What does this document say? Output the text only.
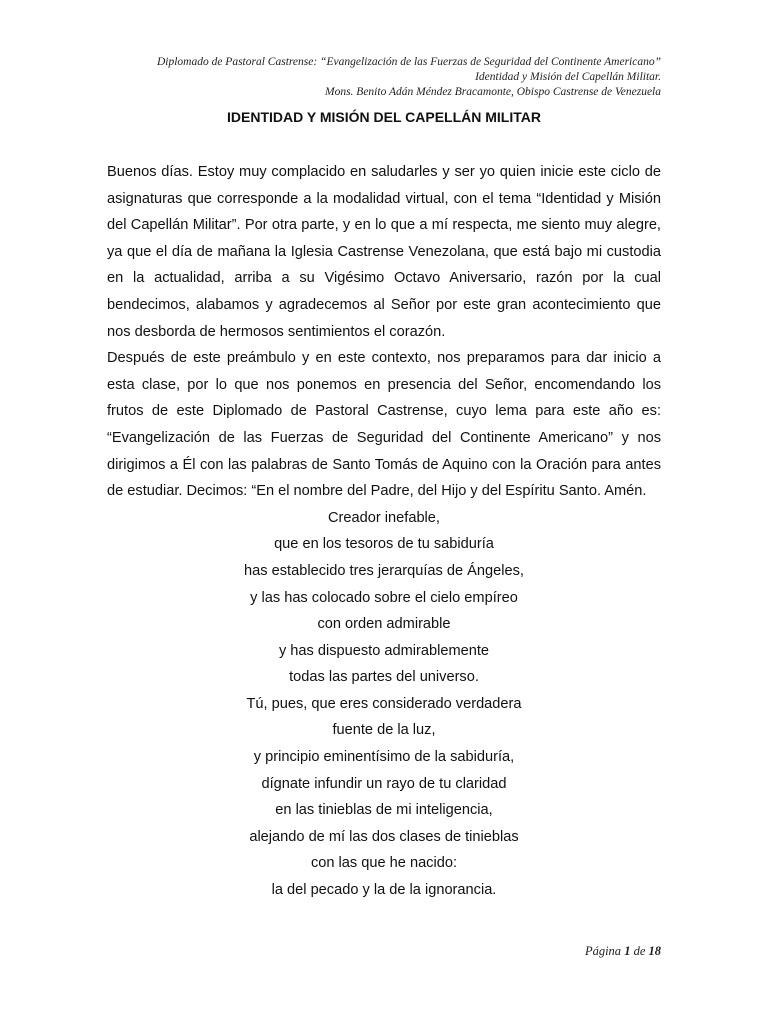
Diplomado de Pastoral Castrense: “Evangelización de las Fuerzas de Seguridad del Continente Americano”
Identidad y Misión del Capellán Militar.
Mons. Benito Adán Méndez Bracamonte, Obispo Castrense de Venezuela
IDENTIDAD Y MISIÓN DEL CAPELLÁN MILITAR

Buenos días. Estoy muy complacido en saludarles y ser yo quien inicie este ciclo de asignaturas que corresponde a la modalidad virtual, con el tema “Identidad y Misión del Capellán Militar”. Por otra parte, y en lo que a mí respecta, me siento muy alegre, ya que el día de mañana la Iglesia Castrense Venezolana, que está bajo mi custodia en la actualidad, arriba a su Vigésimo Octavo Aniversario, razón por la cual bendecimos, alabamos y agradecemos al Señor por este gran acontecimiento que nos desborda de hermosos sentimientos el corazón.

Después de este preámbulo y en este contexto, nos preparamos para dar inicio a esta clase, por lo que nos ponemos en presencia del Señor, encomendando los frutos de este Diplomado de Pastoral Castrense, cuyo lema para este año es: “Evangelización de las Fuerzas de Seguridad del Continente Americano” y nos dirigimos a Él con las palabras de Santo Tomás de Aquino con la Oración para antes de estudiar. Decimos: “En el nombre del Padre, del Hijo y del Espíritu Santo. Amén.

Creador inefable,
que en los tesoros de tu sabiduría
has establecido tres jerarquías de Ángeles,
y las has colocado sobre el cielo empíreo
con orden admirable
y has dispuesto admirablemente
todas las partes del universo.
Tú, pues, que eres considerado verdadera
fuente de la luz,
y principio eminentísimo de la sabiduría,
dígnate infundir un rayo de tu claridad
en las tinieblas de mi inteligencia,
alejando de mí las dos clases de tinieblas
con las que he nacido:
la del pecado y la de la ignorancia.
Página 1 de 18
